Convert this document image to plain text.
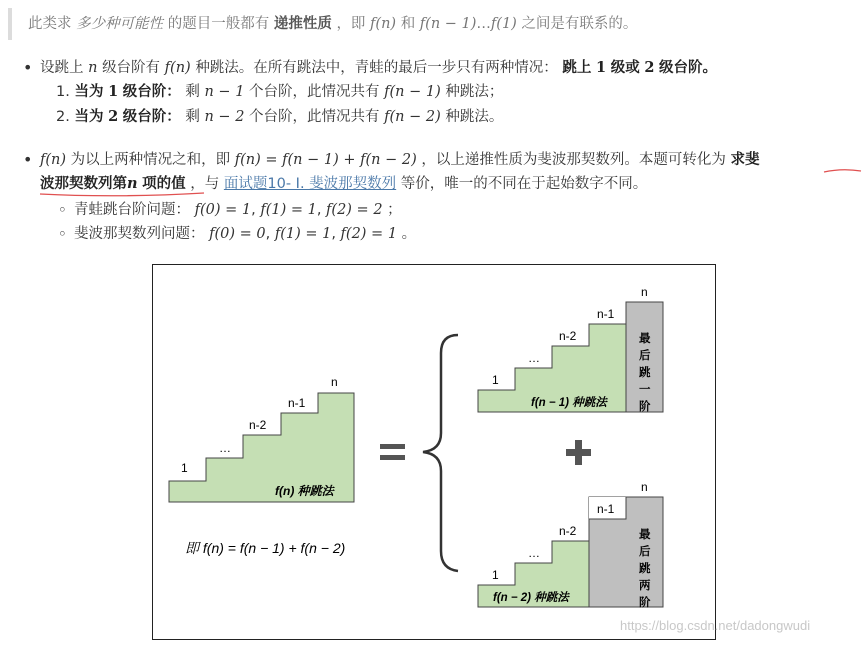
此类求 多少种可能性 的题目一般都有 递推性质 ，即 f(n) 和 f(n − 1)…f(1) 之间是有联系的。
• 设跳上 n 级台阶有 f(n) 种跳法。在所有跳法中，青蛙的最后一步只有两种情况： 跳上 1 级或 2 级台阶。
1. 当为 1 级台阶： 剩 n − 1 个台阶，此情况共有 f(n − 1) 种跳法；
2. 当为 2 级台阶： 剩 n − 2 个台阶，此情况共有 f(n − 2) 种跳法。
• f(n) 为以上两种情况之和，即 f(n) = f(n − 1) + f(n − 2) ，以上递推性质为斐波那契数列。本题可转化为 求斐
波那契数列第n 项的值 ，与 面试题10- I. 斐波那契数列 等价，唯一的不同在于起始数字不同。
◦ 青蛙跳台阶问题： f(0) = 1, f(1) = 1, f(2) = 2 ；
◦ 斐波那契数列问题： f(0) = 0, f(1) = 1, f(2) = 1 。
1
…
n-2
n-1
n
f(n) 种跳法
1
…
n-2
n-1
n
f(n − 1) 种跳法
最
后
跳
一
阶
1
…
n-2
n-1
n
f(n − 2) 种跳法
最
后
跳
两
阶
即 f(n) = f(n − 1) + f(n − 2)
https://blog.csdn.net/dadongwudi
